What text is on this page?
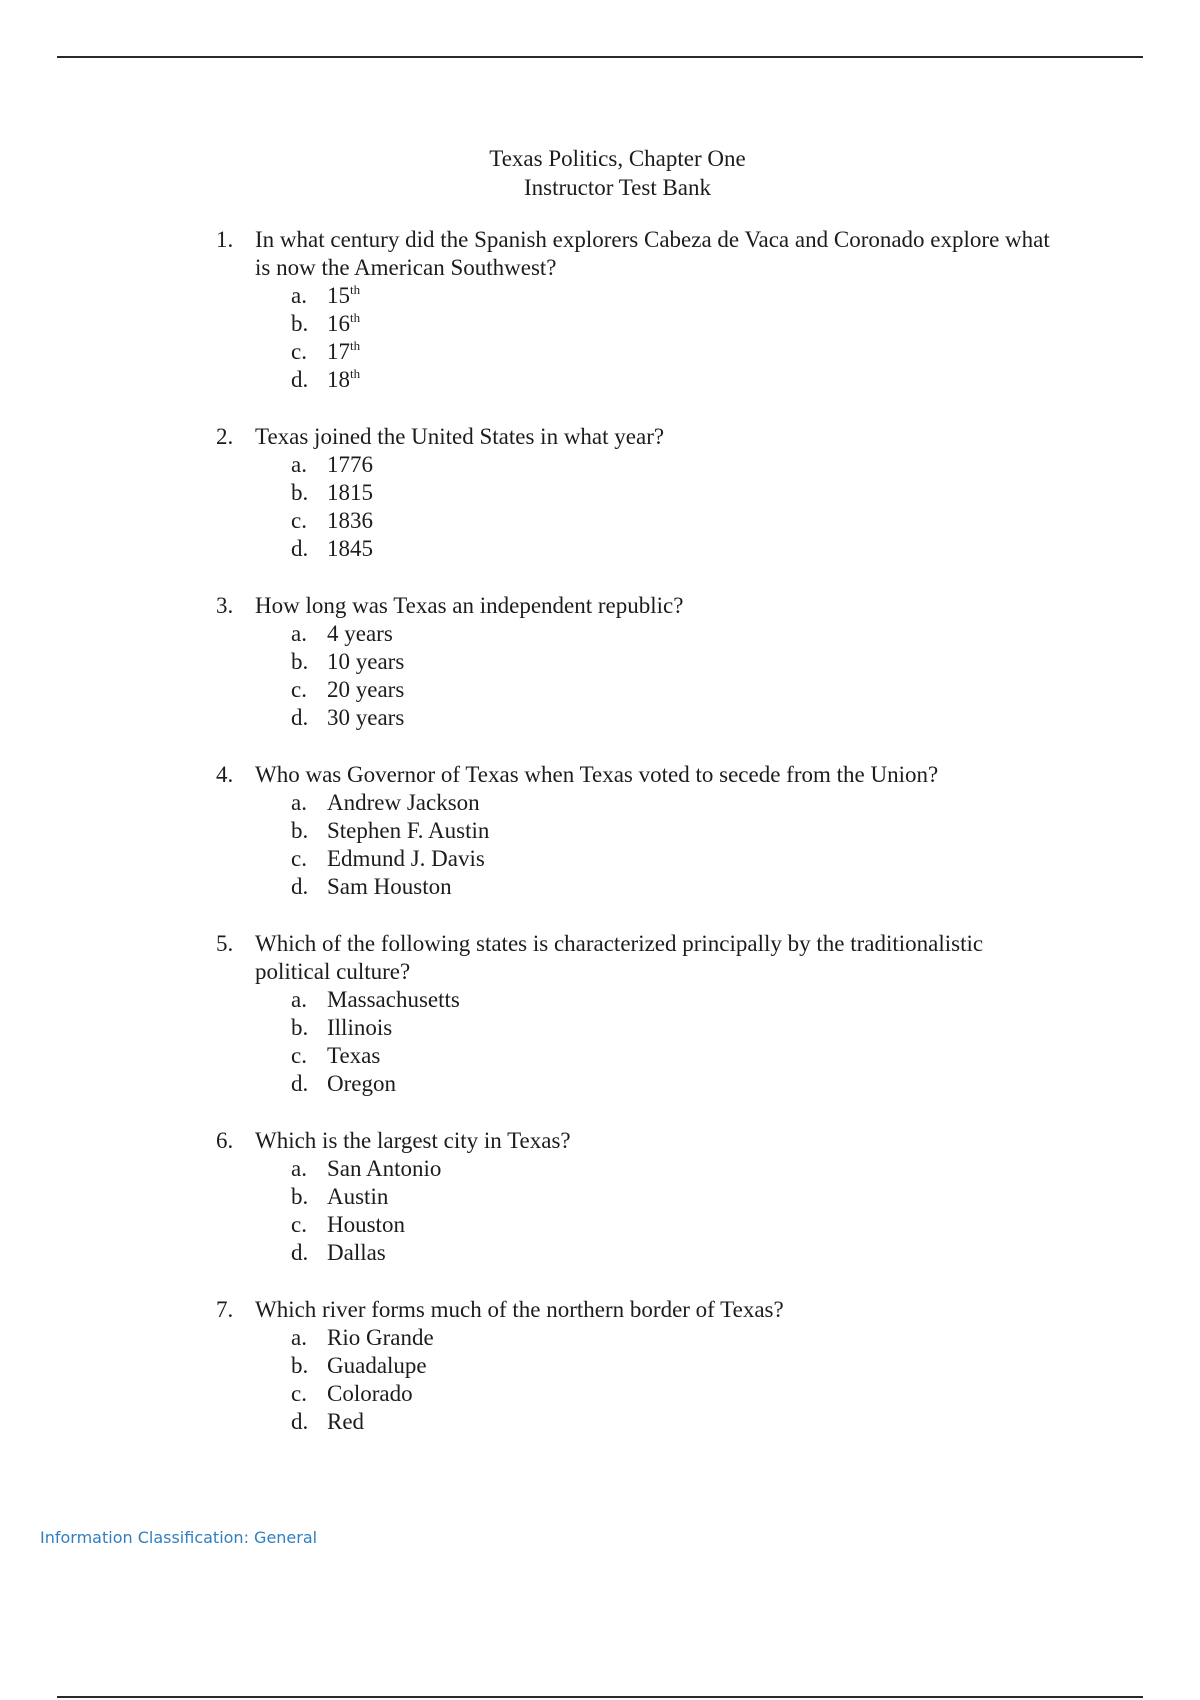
Texas Politics, Chapter One
Instructor Test Bank
1. In what century did the Spanish explorers Cabeza de Vaca and Coronado explore what is now the American Southwest?
a. 15th
b. 16th
c. 17th
d. 18th
2. Texas joined the United States in what year?
a. 1776
b. 1815
c. 1836
d. 1845
3. How long was Texas an independent republic?
a. 4 years
b. 10 years
c. 20 years
d. 30 years
4. Who was Governor of Texas when Texas voted to secede from the Union?
a. Andrew Jackson
b. Stephen F. Austin
c. Edmund J. Davis
d. Sam Houston
5. Which of the following states is characterized principally by the traditionalistic political culture?
a. Massachusetts
b. Illinois
c. Texas
d. Oregon
6. Which is the largest city in Texas?
a. San Antonio
b. Austin
c. Houston
d. Dallas
7. Which river forms much of the northern border of Texas?
a. Rio Grande
b. Guadalupe
c. Colorado
d. Red
Information Classification: General
